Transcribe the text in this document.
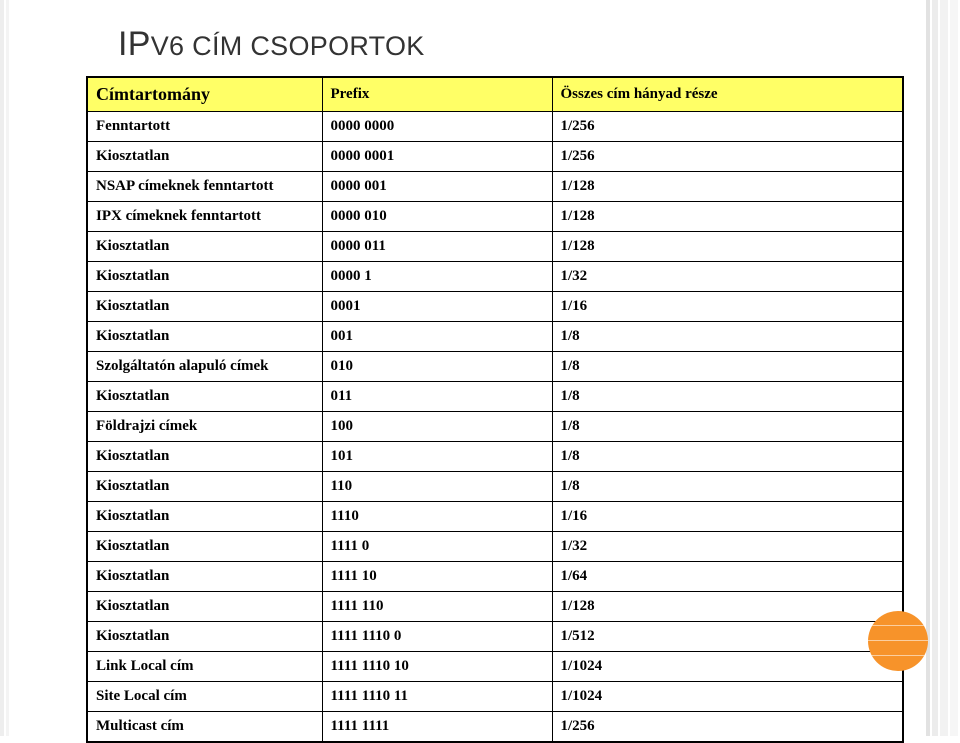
IPV6 CÍM CSOPORTOK
Címtartomány	Prefix	Összes cím hányad része
Fenntartott	0000 0000	1/256
Kiosztatlan	0000 0001	1/256
NSAP címeknek fenntartott	0000 001	1/128
IPX címeknek fenntartott	0000 010	1/128
Kiosztatlan	0000 011	1/128
Kiosztatlan	0000 1	1/32
Kiosztatlan	0001	1/16
Kiosztatlan	001	1/8
Szolgáltatón alapuló címek	010	1/8
Kiosztatlan	011	1/8
Földrajzi címek	100	1/8
Kiosztatlan	101	1/8
Kiosztatlan	110	1/8
Kiosztatlan	1110	1/16
Kiosztatlan	1111 0	1/32
Kiosztatlan	1111 10	1/64
Kiosztatlan	1111 110	1/128
Kiosztatlan	1111 1110 0	1/512
Link Local cím	1111 1110 10	1/1024
Site Local cím	1111 1110 11	1/1024
Multicast cím	1111 1111	1/256
